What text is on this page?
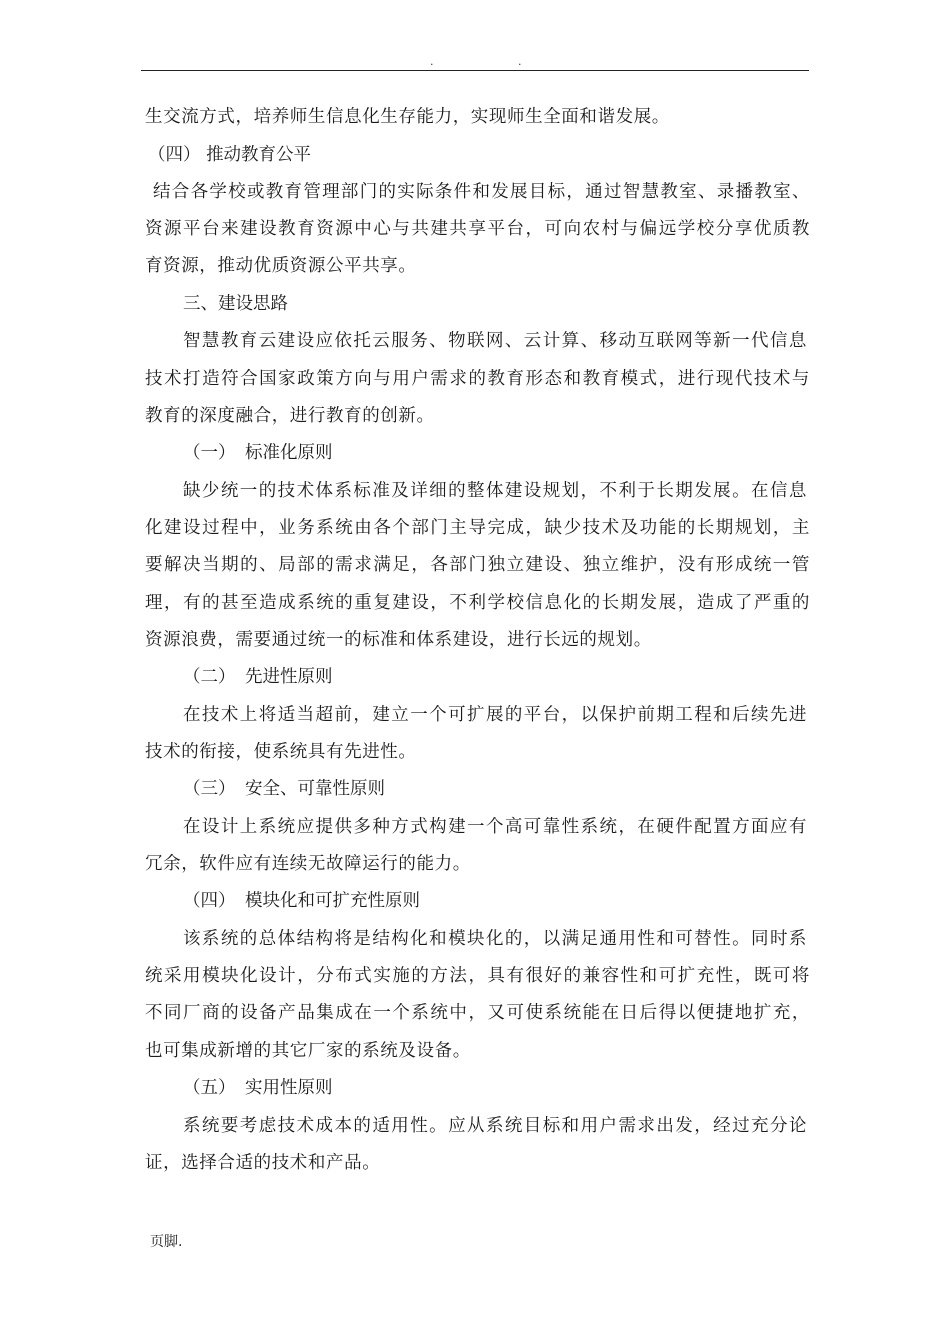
.	.
生交流方式，培养师生信息化生存能力，实现师生全面和谐发展。
（四） 推动教育公平
结合各学校或教育管理部门的实际条件和发展目标，通过智慧教室、录播教室、
资源平台来建设教育资源中心与共建共享平台，可向农村与偏远学校分享优质教
育资源，推动优质资源公平共享。
三、建设思路
智慧教育云建设应依托云服务、物联网、云计算、移动互联网等新一代信息
技术打造符合国家政策方向与用户需求的教育形态和教育模式，进行现代技术与
教育的深度融合，进行教育的创新。
（一） 标准化原则
缺少统一的技术体系标准及详细的整体建设规划，不利于长期发展。在信息
化建设过程中，业务系统由各个部门主导完成，缺少技术及功能的长期规划，主
要解决当期的、局部的需求满足，各部门独立建设、独立维护，没有形成统一管
理，有的甚至造成系统的重复建设，不利学校信息化的长期发展，造成了严重的
资源浪费，需要通过统一的标准和体系建设，进行长远的规划。
（二） 先进性原则
在技术上将适当超前，建立一个可扩展的平台，以保护前期工程和后续先进
技术的衔接，使系统具有先进性。
（三） 安全、可靠性原则
在设计上系统应提供多种方式构建一个高可靠性系统，在硬件配置方面应有
冗余，软件应有连续无故障运行的能力。
（四） 模块化和可扩充性原则
该系统的总体结构将是结构化和模块化的，以满足通用性和可替性。同时系
统采用模块化设计，分布式实施的方法，具有很好的兼容性和可扩充性，既可将
不同厂商的设备产品集成在一个系统中，又可使系统能在日后得以便捷地扩充，
也可集成新增的其它厂家的系统及设备。
（五） 实用性原则
系统要考虑技术成本的适用性。应从系统目标和用户需求出发，经过充分论
证，选择合适的技术和产品。
页脚.
